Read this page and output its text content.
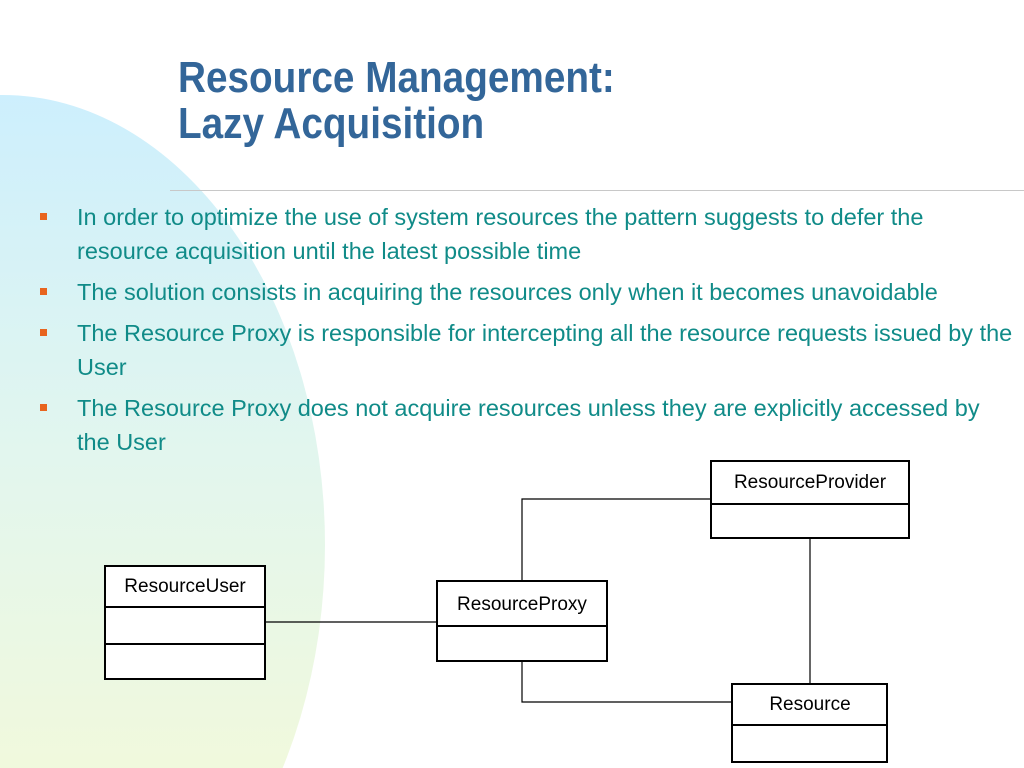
Resource Management:
Lazy Acquisition
In order to optimize the use of system resources the pattern suggests to defer the resource acquisition until the latest possible time
The solution consists in acquiring the resources only when it becomes unavoidable
The Resource Proxy is responsible for intercepting all the resource requests issued by the User
The Resource Proxy does not acquire resources unless they are explicitly accessed by the User
ResourceUser
ResourceProxy
ResourceProvider
Resource
